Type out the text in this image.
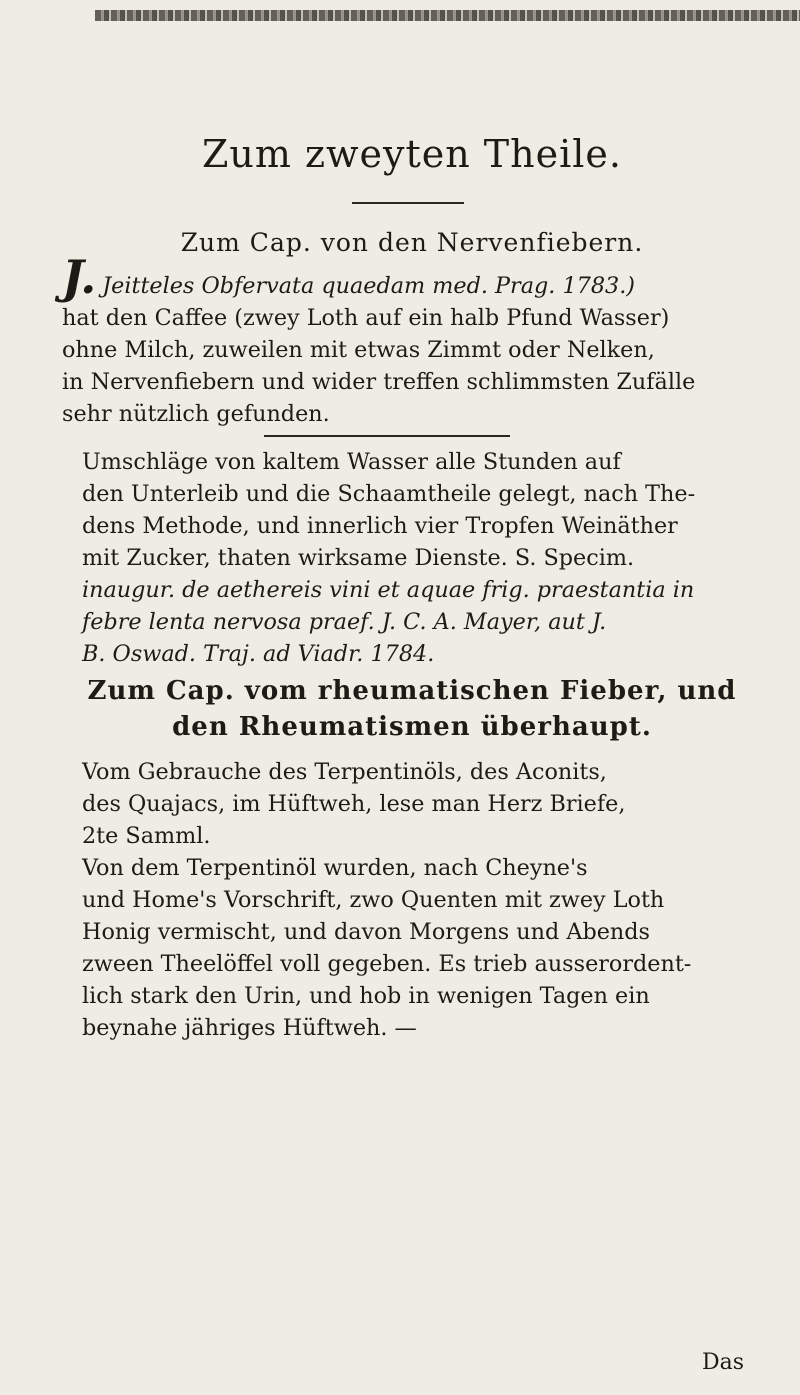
Zum zweyten Theile.
Zum Cap. von den Nervenfiebern.
J. Jeitteles Obfervata quaedam med. Prag. 1783.)
hat den Caffee (zwey Loth auf ein halb Pfund Wasser)
ohne Milch, zuweilen mit etwas Zimmt oder Nelken,
in Nervenfiebern und wider treffen schlimmsten Zufälle
sehr nützlich gefunden.
Umschläge von kaltem Wasser alle Stunden auf
den Unterleib und die Schaamtheile gelegt, nach The-
dens Methode, und innerlich vier Tropfen Weinäther
mit Zucker, thaten wirksame Dienste. S. Specim.
inaugur. de aethereis vini et aquae frig. praestantia in
febre lenta nervosa praef. J. C. A. Mayer, aut J.
B. Oswad. Traj. ad Viadr. 1784.
Zum Cap. vom rheumatischen Fieber, und
den Rheumatismen überhaupt.
Vom Gebrauche des Terpentinöls, des Aconits,
des Quajacs, im Hüftweh, lese man Herz Briefe,
2te Samml.
Von dem Terpentinöl wurden, nach Cheyne's
und Home's Vorschrift, zwo Quenten mit zwey Loth
Honig vermischt, und davon Morgens und Abends
zween Theelöffel voll gegeben. Es trieb ausserordent-
lich stark den Urin, und hob in wenigen Tagen ein
beynahe jähriges Hüftweh. —
Das
